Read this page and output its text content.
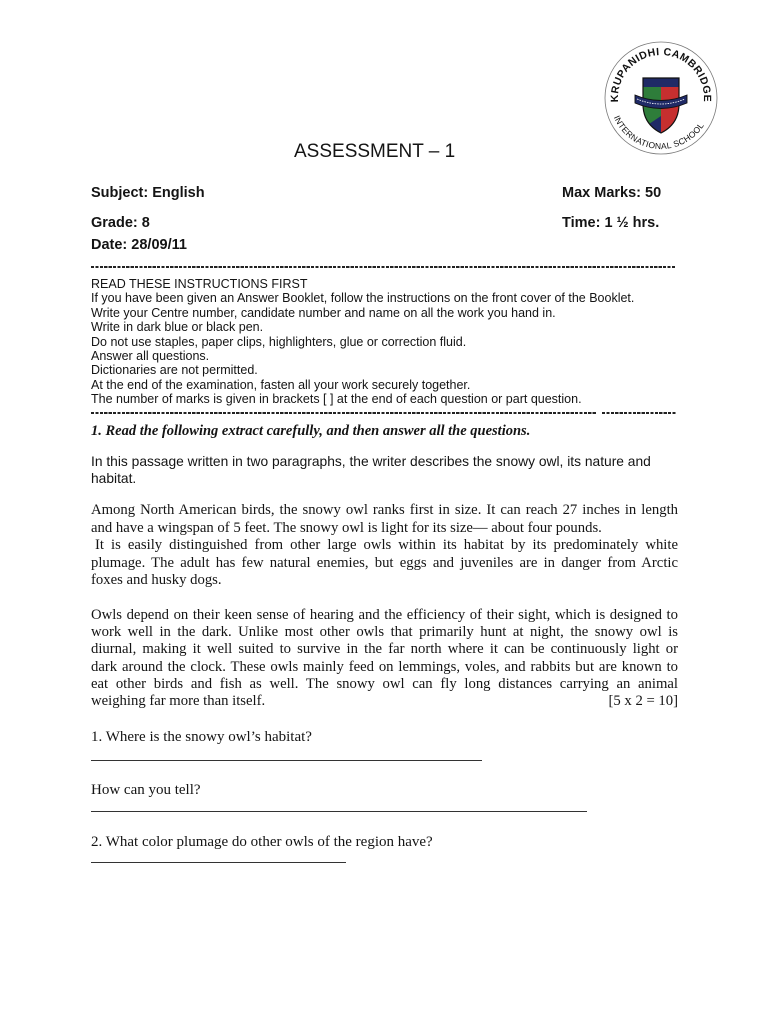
KRUPANIDHI CAMBRIDGE
INTERNATIONAL SCHOOL
ASSESSMENT – 1
Subject: English	Max Marks: 50
Grade: 8	Time: 1 ½ hrs.
Date: 28/09/11
READ THESE INSTRUCTIONS FIRST
If you have been given an Answer Booklet, follow the instructions on the front cover of the Booklet.
Write your Centre number, candidate number and name on all the work you hand in.
Write in dark blue or black pen.
Do not use staples, paper clips, highlighters, glue or correction fluid.
Answer all questions.
Dictionaries are not permitted.
At the end of the examination, fasten all your work securely together.
The number of marks is given in brackets [ ] at the end of each question or part question.
1. Read the following extract carefully, and then answer all the questions.
In this passage written in two paragraphs, the writer describes the snowy owl, its nature and habitat.
Among North American birds, the snowy owl ranks first in size. It can reach 27 inches in length
and have a wingspan of 5 feet. The snowy owl is light for its size— about four pounds.
It is easily distinguished from other large owls within its habitat by its predominately white
plumage. The adult has few natural enemies, but eggs and juveniles are in danger from Arctic
foxes and husky dogs.
Owls depend on their keen sense of hearing and the efficiency of their sight, which is designed to
work well in the dark. Unlike most other owls that primarily hunt at night, the snowy owl is
diurnal, making it well suited to survive in the far north where it can be continuously light or
dark around the clock. These owls mainly feed on lemmings, voles, and rabbits but are known to
eat other birds and fish as well. The snowy owl can fly long distances carrying an animal
weighing far more than itself.	[5 x 2 = 10]
1. Where is the snowy owl’s habitat?
How can you tell?
2. What color plumage do other owls of the region have?
